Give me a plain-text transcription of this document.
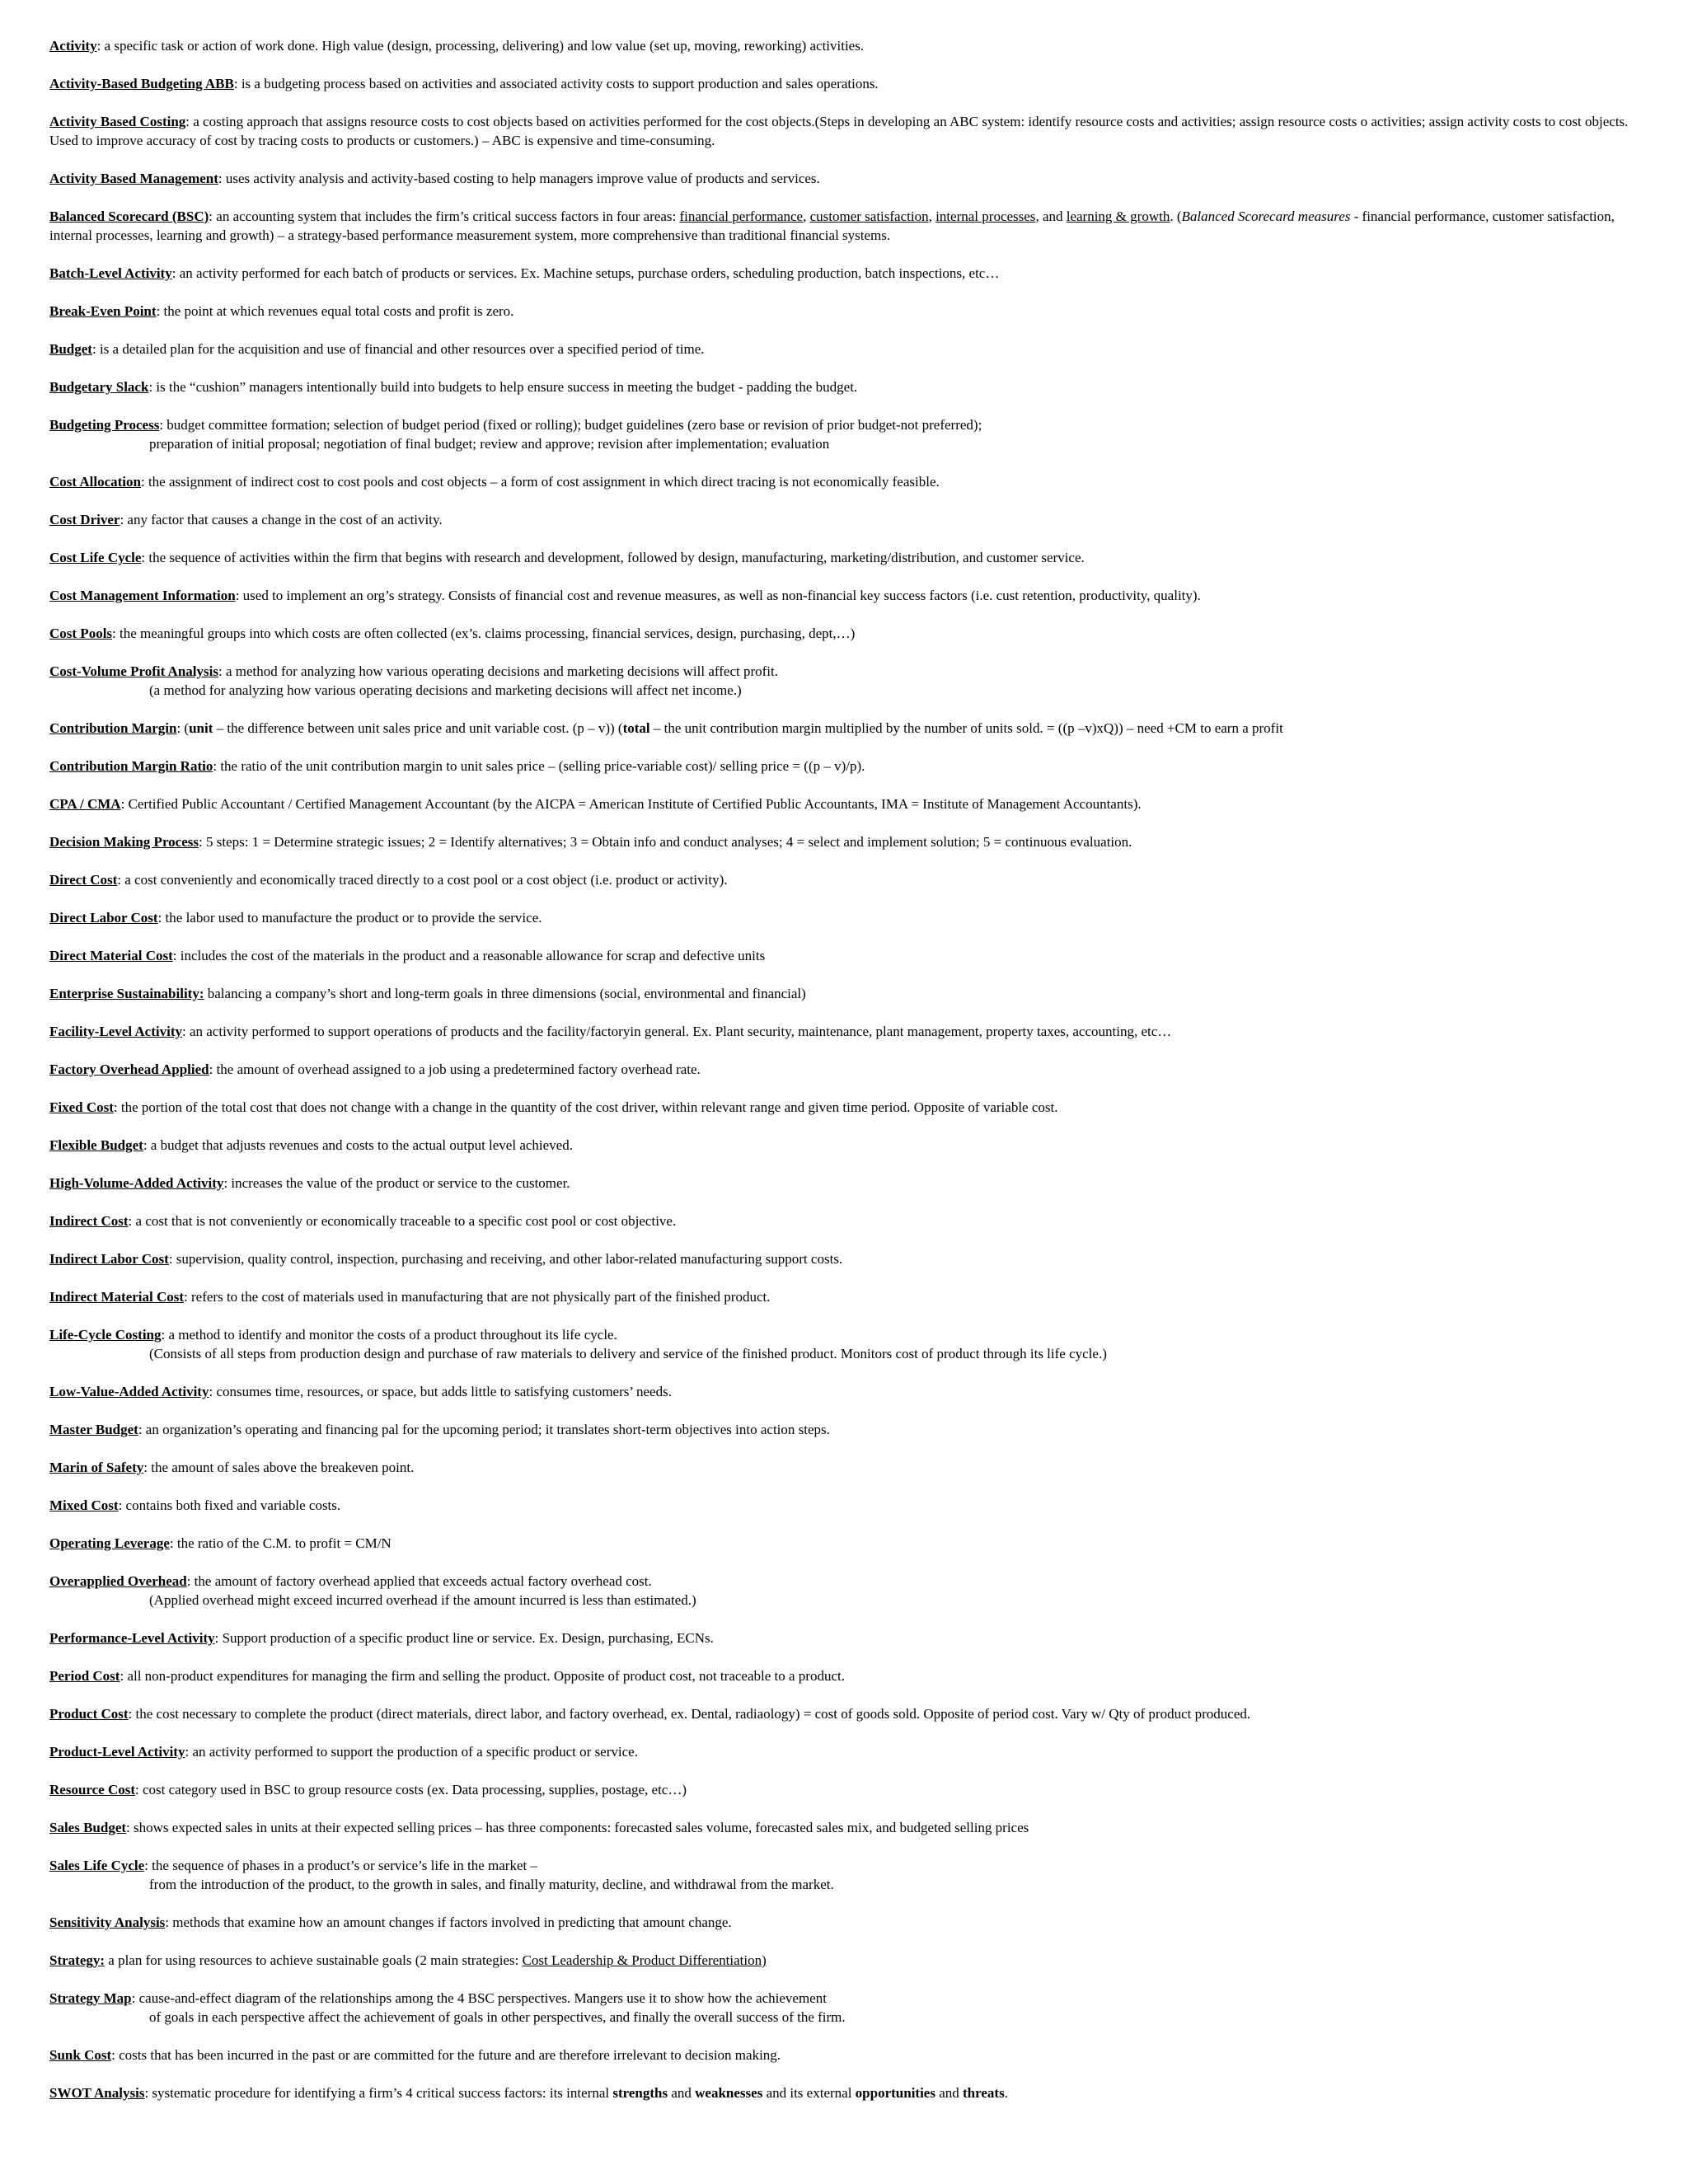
Activity: a specific task or action of work done. High value (design, processing, delivering) and low value (set up, moving, reworking) activities.

Activity-Based Budgeting ABB: is a budgeting process based on activities and associated activity costs to support production and sales operations.

Activity Based Costing: a costing approach that assigns resource costs to cost objects based on activities performed for the cost objects.(Steps in developing an ABC system: identify resource costs and activities; assign resource costs o activities; assign activity costs to cost objects. Used to improve accuracy of cost by tracing costs to products or customers.) – ABC is expensive and time-consuming.

Activity Based Management: uses activity analysis and activity-based costing to help managers improve value of products and services.

Balanced Scorecard (BSC): an accounting system that includes the firm’s critical success factors in four areas: financial performance, customer satisfaction, internal processes, and learning & growth. (Balanced Scorecard measures - financial performance, customer satisfaction, internal processes, learning and growth) – a strategy-based performance measurement system, more comprehensive than traditional financial systems.

Batch-Level Activity: an activity performed for each batch of products or services. Ex. Machine setups, purchase orders, scheduling production, batch inspections, etc…

Break-Even Point: the point at which revenues equal total costs and profit is zero.

Budget: is a detailed plan for the acquisition and use of financial and other resources over a specified period of time.

Budgetary Slack: is the “cushion” managers intentionally build into budgets to help ensure success in meeting the budget - padding the budget.

Budgeting Process: budget committee formation; selection of budget period (fixed or rolling); budget guidelines (zero base or revision of prior budget-not preferred);
preparation of initial proposal; negotiation of final budget; review and approve; revision after implementation; evaluation

Cost Allocation: the assignment of indirect cost to cost pools and cost objects – a form of cost assignment in which direct tracing is not economically feasible.

Cost Driver: any factor that causes a change in the cost of an activity.

Cost Life Cycle: the sequence of activities within the firm that begins with research and development, followed by design, manufacturing, marketing/distribution, and customer service.

Cost Management Information: used to implement an org’s strategy. Consists of financial cost and revenue measures, as well as non-financial key success factors (i.e. cust retention, productivity, quality).

Cost Pools: the meaningful groups into which costs are often collected (ex’s. claims processing, financial services, design, purchasing, dept,…)

Cost-Volume Profit Analysis: a method for analyzing how various operating decisions and marketing decisions will affect profit.
(a method for analyzing how various operating decisions and marketing decisions will affect net income.)

Contribution Margin: (unit – the difference between unit sales price and unit variable cost. (p – v)) (total – the unit contribution margin multiplied by the number of units sold. = ((p –v)xQ)) – need +CM to earn a profit

Contribution Margin Ratio: the ratio of the unit contribution margin to unit sales price – (selling price-variable cost)/ selling price = ((p – v)/p).

CPA / CMA: Certified Public Accountant / Certified Management Accountant (by the AICPA = American Institute of Certified Public Accountants, IMA = Institute of Management Accountants).

Decision Making Process: 5 steps: 1 = Determine strategic issues; 2 = Identify alternatives; 3 = Obtain info and conduct analyses; 4 = select and implement solution; 5 = continuous evaluation.

Direct Cost: a cost conveniently and economically traced directly to a cost pool or a cost object (i.e. product or activity).

Direct Labor Cost: the labor used to manufacture the product or to provide the service.

Direct Material Cost: includes the cost of the materials in the product and a reasonable allowance for scrap and defective units

Enterprise Sustainability: balancing a company’s short and long-term goals in three dimensions (social, environmental and financial)

Facility-Level Activity: an activity performed to support operations of products and the facility/factoryin general. Ex. Plant security, maintenance, plant management, property taxes, accounting, etc…

Factory Overhead Applied: the amount of overhead assigned to a job using a predetermined factory overhead rate.

Fixed Cost: the portion of the total cost that does not change with a change in the quantity of the cost driver, within relevant range and given time period. Opposite of variable cost.

Flexible Budget: a budget that adjusts revenues and costs to the actual output level achieved.

High-Volume-Added Activity: increases the value of the product or service to the customer.

Indirect Cost: a cost that is not conveniently or economically traceable to a specific cost pool or cost objective.

Indirect Labor Cost: supervision, quality control, inspection, purchasing and receiving, and other labor-related manufacturing support costs.

Indirect Material Cost: refers to the cost of materials used in manufacturing that are not physically part of the finished product.

Life-Cycle Costing: a method to identify and monitor the costs of a product throughout its life cycle.
(Consists of all steps from production design and purchase of raw materials to delivery and service of the finished product. Monitors cost of product through its life cycle.)

Low-Value-Added Activity: consumes time, resources, or space, but adds little to satisfying customers’ needs.

Master Budget: an organization’s operating and financing pal for the upcoming period; it translates short-term objectives into action steps.

Marin of Safety: the amount of sales above the breakeven point.

Mixed Cost: contains both fixed and variable costs.

Operating Leverage: the ratio of the C.M. to profit = CM/N

Overapplied Overhead: the amount of factory overhead applied that exceeds actual factory overhead cost.
(Applied overhead might exceed incurred overhead if the amount incurred is less than estimated.)

Performance-Level Activity: Support production of a specific product line or service. Ex. Design, purchasing, ECNs.

Period Cost: all non-product expenditures for managing the firm and selling the product. Opposite of product cost, not traceable to a product.

Product Cost: the cost necessary to complete the product (direct materials, direct labor, and factory overhead, ex. Dental, radiaology) = cost of goods sold. Opposite of period cost. Vary w/ Qty of product produced.

Product-Level Activity: an activity performed to support the production of a specific product or service.

Resource Cost: cost category used in BSC to group resource costs (ex. Data processing, supplies, postage, etc…)

Sales Budget: shows expected sales in units at their expected selling prices – has three components: forecasted sales volume, forecasted sales mix, and budgeted selling prices

Sales Life Cycle: the sequence of phases in a product’s or service’s life in the market –
from the introduction of the product, to the growth in sales, and finally maturity, decline, and withdrawal from the market.

Sensitivity Analysis: methods that examine how an amount changes if factors involved in predicting that amount change.

Strategy: a plan for using resources to achieve sustainable goals (2 main strategies: Cost Leadership & Product Differentiation)

Strategy Map: cause-and-effect diagram of the relationships among the 4 BSC perspectives. Mangers use it to show how the achievement
of goals in each perspective affect the achievement of goals in other perspectives, and finally the overall success of the firm.

Sunk Cost: costs that has been incurred in the past or are committed for the future and are therefore irrelevant to decision making.

SWOT Analysis: systematic procedure for identifying a firm’s 4 critical success factors: its internal strengths and weaknesses and its external opportunities and threats.
